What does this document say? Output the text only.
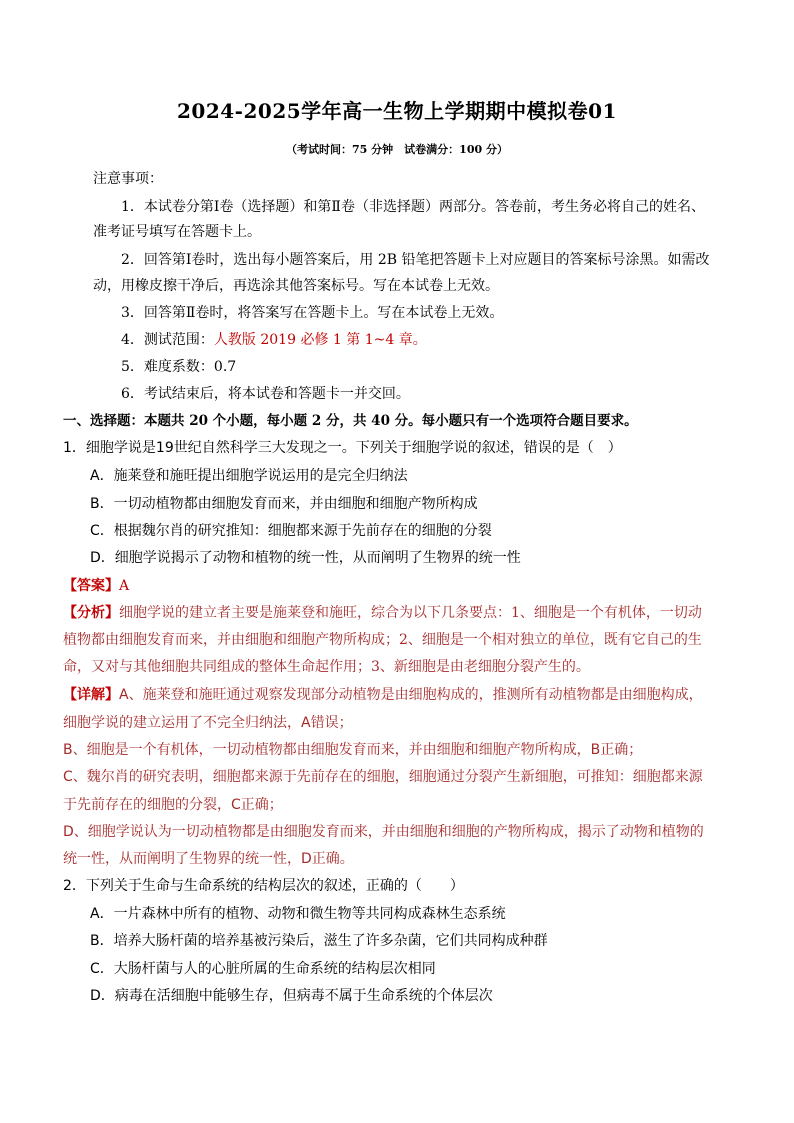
2024-2025学年高一生物上学期期中模拟卷01
（考试时间：75 分钟　试卷满分：100 分）
注意事项：
1．本试卷分第Ⅰ卷（选择题）和第Ⅱ卷（非选择题）两部分。答卷前，考生务必将自己的姓名、
准考证号填写在答题卡上。
2．回答第Ⅰ卷时，选出每小题答案后，用 2B 铅笔把答题卡上对应题目的答案标号涂黑。如需改
动，用橡皮擦干净后，再选涂其他答案标号。写在本试卷上无效。
3．回答第Ⅱ卷时，将答案写在答题卡上。写在本试卷上无效。
4．测试范围：人教版 2019 必修 1 第 1~4 章。
5．难度系数：0.7
6．考试结束后，将本试卷和答题卡一并交回。
一、选择题：本题共 20 个小题，每小题 2 分，共 40 分。每小题只有一个选项符合题目要求。
1．细胞学说是19世纪自然科学三大发现之一。下列关于细胞学说的叙述，错误的是（　）
A．施莱登和施旺提出细胞学说运用的是完全归纳法
B．一切动植物都由细胞发育而来，并由细胞和细胞产物所构成
C．根据魏尔肖的研究推知：细胞都来源于先前存在的细胞的分裂
D．细胞学说揭示了动物和植物的统一性，从而阐明了生物界的统一性
【答案】A
【分析】细胞学说的建立者主要是施莱登和施旺，综合为以下几条要点：1、细胞是一个有机体，一切动
植物都由细胞发育而来，并由细胞和细胞产物所构成；2、细胞是一个相对独立的单位，既有它自己的生
命，又对与其他细胞共同组成的整体生命起作用；3、新细胞是由老细胞分裂产生的。
【详解】A、施莱登和施旺通过观察发现部分动植物是由细胞构成的，推测所有动植物都是由细胞构成，
细胞学说的建立运用了不完全归纳法，A错误；
B、细胞是一个有机体，一切动植物都由细胞发育而来，并由细胞和细胞产物所构成，B正确；
C、魏尔肖的研究表明，细胞都来源于先前存在的细胞，细胞通过分裂产生新细胞，可推知：细胞都来源
于先前存在的细胞的分裂，C正确；
D、细胞学说认为一切动植物都是由细胞发育而来，并由细胞和细胞的产物所构成，揭示了动物和植物的
统一性，从而阐明了生物界的统一性，D正确。
2．下列关于生命与生命系统的结构层次的叙述，正确的（　　）
A．一片森林中所有的植物、动物和微生物等共同构成森林生态系统
B．培养大肠杆菌的培养基被污染后，滋生了许多杂菌，它们共同构成种群
C．大肠杆菌与人的心脏所属的生命系统的结构层次相同
D．病毒在活细胞中能够生存，但病毒不属于生命系统的个体层次
